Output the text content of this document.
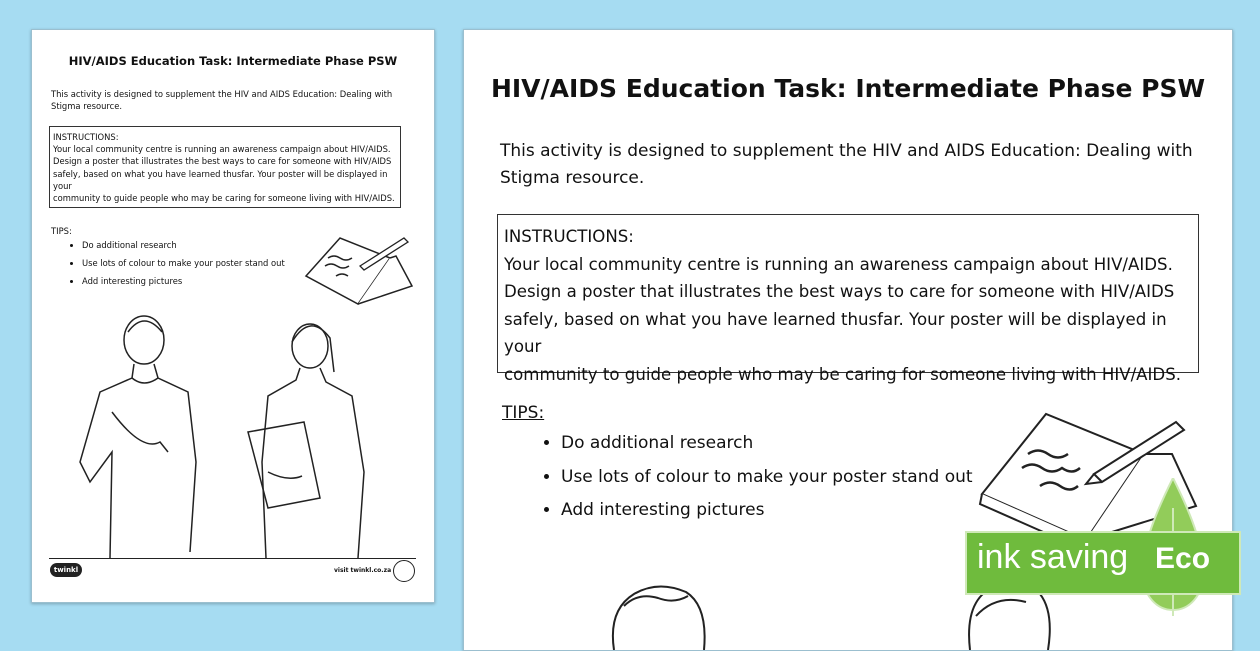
HIV/AIDS Education Task: Intermediate Phase PSW

This activity is designed to supplement the HIV and AIDS Education: Dealing with Stigma resource.

INSTRUCTIONS:
Your local community centre is running an awareness campaign about HIV/AIDS.
Design a poster that illustrates the best ways to care for someone with HIV/AIDS
safely, based on what you have learned thusfar. Your poster will be displayed in your
community to guide people who may be caring for someone living with HIV/AIDS.

TIPS:

• Do additional research
• Use lots of colour to make your poster stand out
• Add interesting pictures
twinkl	visit twinkl.co.za

HIV/AIDS Education Task: Intermediate Phase PSW

This activity is designed to supplement the HIV and AIDS Education: Dealing with
Stigma resource.
INSTRUCTIONS:
Your local community centre is running an awareness campaign about HIV/AIDS.
Design a poster that illustrates the best ways to care for someone with HIV/AIDS
safely, based on what you have learned thusfar. Your poster will be displayed in your
community to guide people who may be caring for someone living with HIV/AIDS.

TIPS:

• Do additional research
• Use lots of colour to make your poster stand out
• Add interesting pictures
ink saving Eco
